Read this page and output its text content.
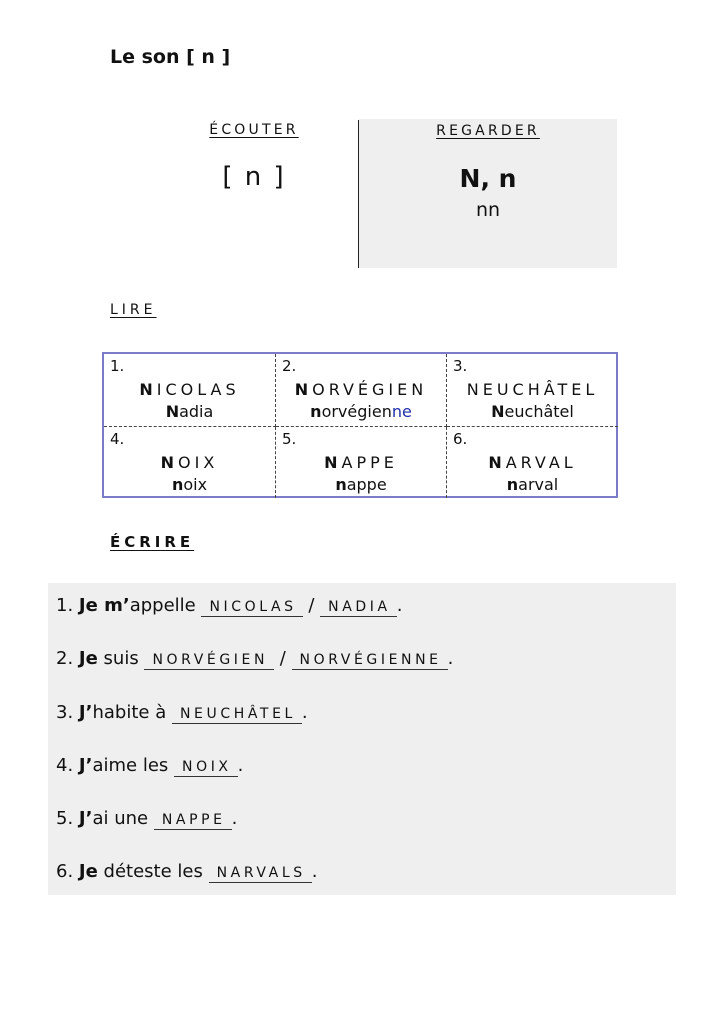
Le son [ n ]
ÉCOUTER
[ n ]
REGARDER
N, n
nn
LIRE
1.
NICOLAS
Nadia
2.
NORVÉGIEN
norvégienne
3.
NEUCHÂTEL
Neuchâtel
4.
NOIX
noix
5.
NAPPE
nappe
6.
NARVAL
narval
ÉCRIRE
1. Je m’appelle NICOLAS / NADIA .
2. Je suis NORVÉGIEN / NORVÉGIENNE .
3. J’habite à NEUCHÂTEL .
4. J’aime les NOIX .
5. J’ai une NAPPE .
6. Je déteste les NARVALS .
